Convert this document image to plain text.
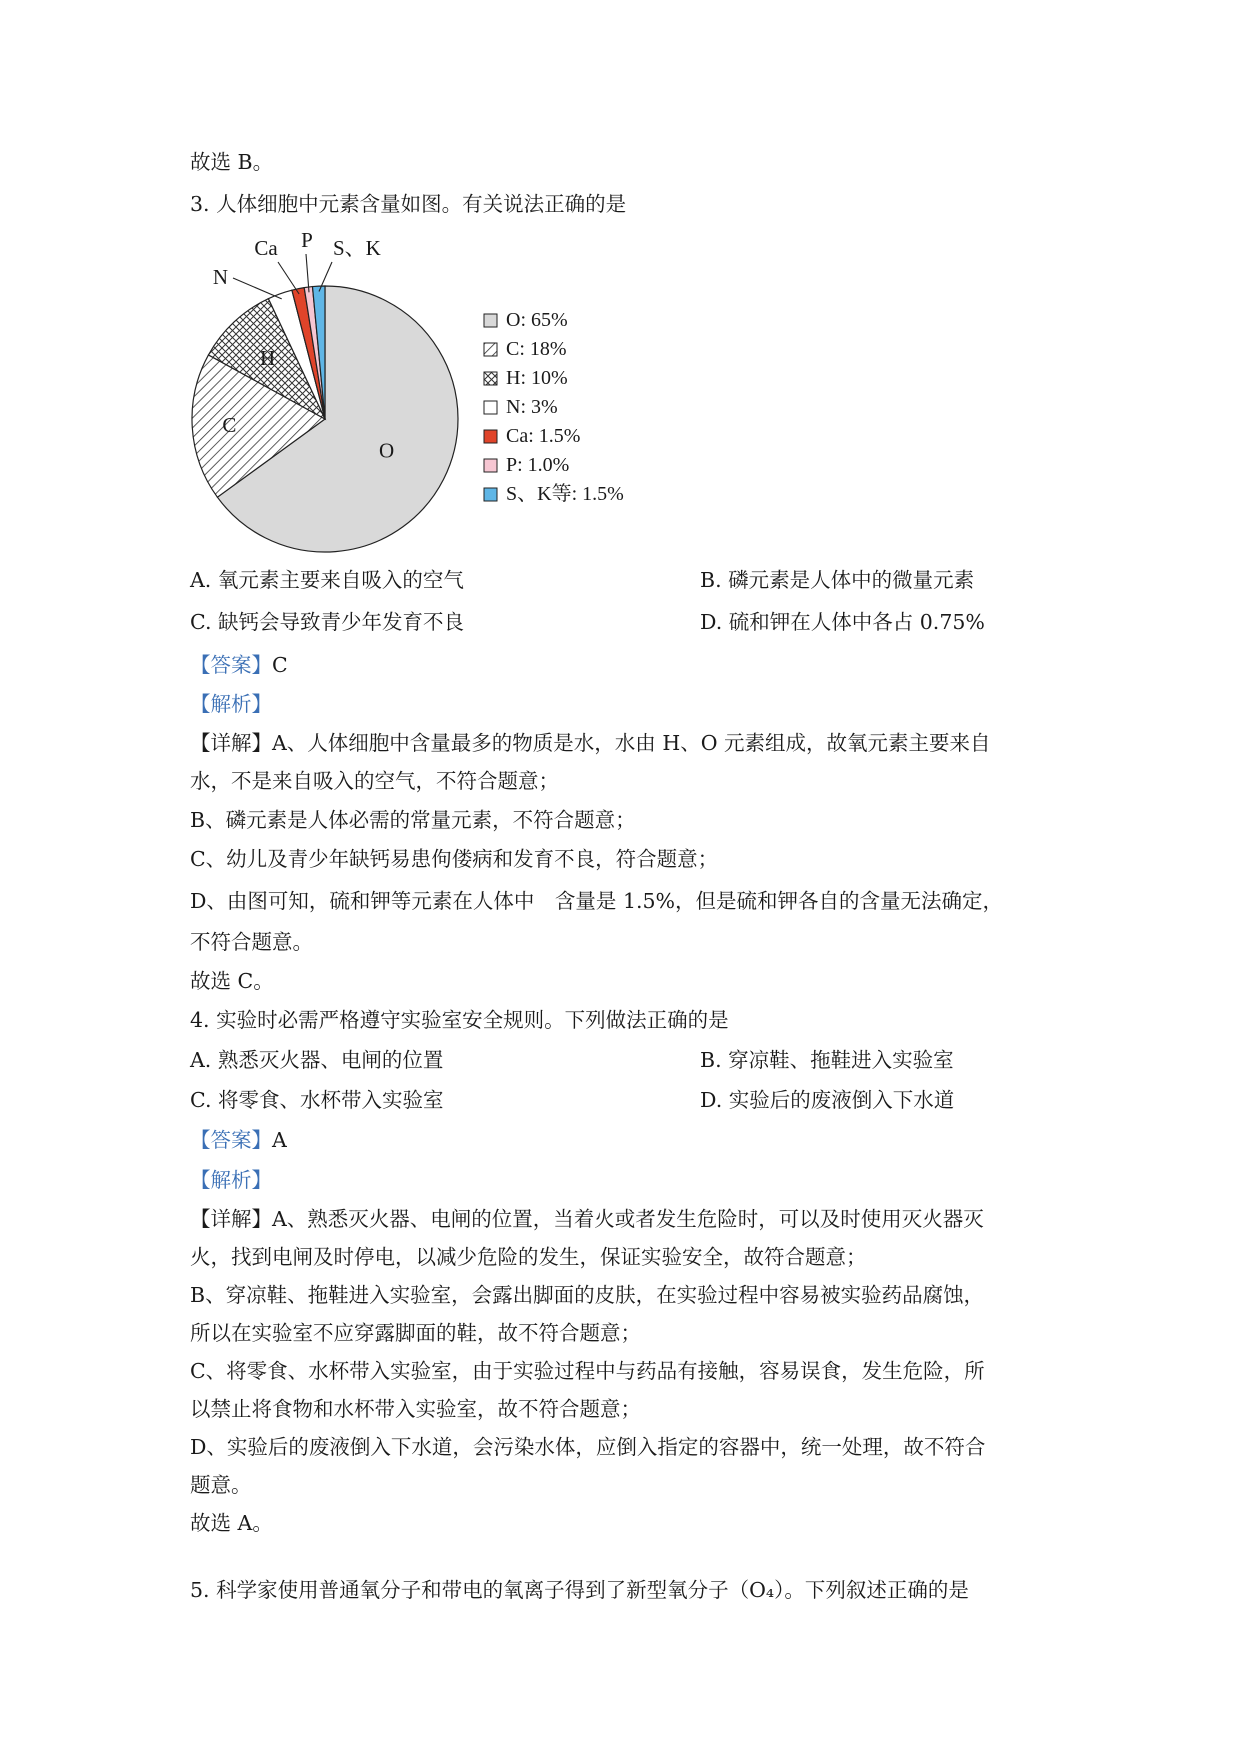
故选 B。
3. 人体细胞中元素含量如图。有关说法正确的是
O
C
H
N
Ca P S、K
O: 65%
C: 18%
H: 10%
N: 3%
Ca: 1.5%
P: 1.0%
S、K等: 1.5%
A. 氧元素主要来自吸入的空气	B. 磷元素是人体中的微量元素
C. 缺钙会导致青少年发育不良	D. 硫和钾在人体中各占 0.75%
【答案】C
【解析】
【详解】A、人体细胞中含量最多的物质是水，水由 H、O 元素组成，故氧元素主要来自
水，不是来自吸入的空气，不符合题意；
B、磷元素是人体必需的常量元素，不符合题意；
C、幼儿及青少年缺钙易患佝偻病和发育不良，符合题意；
D、由图可知，硫和钾等元素在人体中　含量是 1.5%，但是硫和钾各自的含量无法确定，
不符合题意。
故选 C。
4. 实验时必需严格遵守实验室安全规则。下列做法正确的是
A. 熟悉灭火器、电闸的位置	B. 穿凉鞋、拖鞋进入实验室
C. 将零食、水杯带入实验室	D. 实验后的废液倒入下水道
【答案】A
【解析】
【详解】A、熟悉灭火器、电闸的位置，当着火或者发生危险时，可以及时使用灭火器灭
火，找到电闸及时停电，以减少危险的发生，保证实验安全，故符合题意；
B、穿凉鞋、拖鞋进入实验室，会露出脚面的皮肤，在实验过程中容易被实验药品腐蚀，
所以在实验室不应穿露脚面的鞋，故不符合题意；
C、将零食、水杯带入实验室，由于实验过程中与药品有接触，容易误食，发生危险，所
以禁止将食物和水杯带入实验室，故不符合题意；
D、实验后的废液倒入下水道，会污染水体，应倒入指定的容器中，统一处理，故不符合
题意。
故选 A。
5. 科学家使用普通氧分子和带电的氧离子得到了新型氧分子（O₄）。下列叙述正确的是
